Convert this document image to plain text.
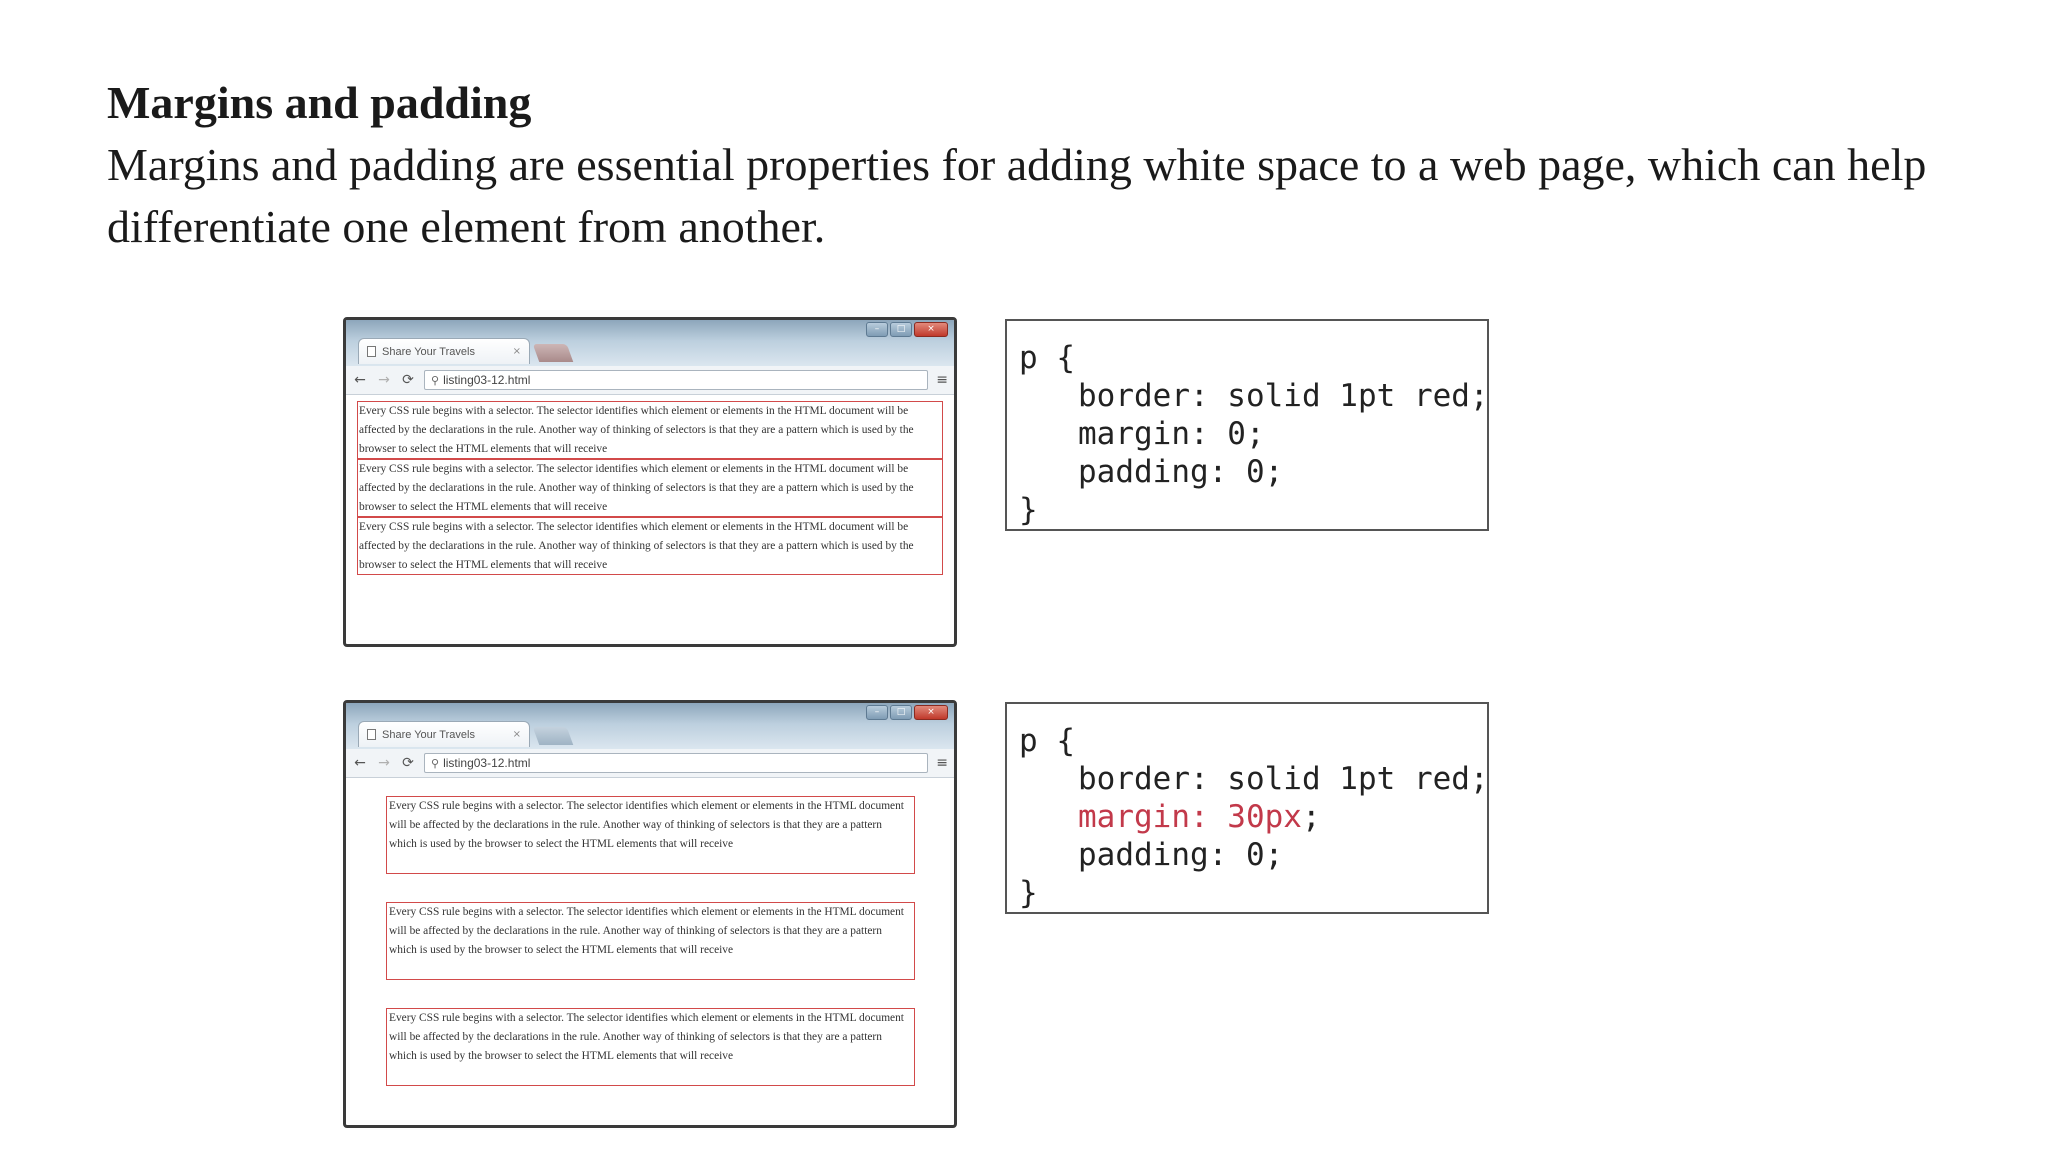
Margins and padding

Margins and padding are essential properties for adding white space to a web page, which can help differentiate one element from another.

–	□	×
Share Your Travels	×
← → ⟳ ⚲ listing03-12.html	≡

Every CSS rule begins with a selector. The selector identifies which element or elements in the HTML document will be affected by the declarations in the rule. Another way of thinking of selectors is that they are a pattern which is used by the browser to select the HTML elements that will receive

Every CSS rule begins with a selector. The selector identifies which element or elements in the HTML document will be affected by the declarations in the rule. Another way of thinking of selectors is that they are a pattern which is used by the browser to select the HTML elements that will receive

Every CSS rule begins with a selector. The selector identifies which element or elements in the HTML document will be affected by the declarations in the rule. Another way of thinking of selectors is that they are a pattern which is used by the browser to select the HTML elements that will receive

p {
border: solid 1pt red;
margin: 0;
padding: 0;
}
–	□	×
Share Your Travels	×
← → ⟳ ⚲ listing03-12.html	≡

Every CSS rule begins with a selector. The selector identifies which element or elements in the HTML document will be affected by the declarations in the rule. Another way of thinking of selectors is that they are a pattern which is used by the browser to select the HTML elements that will receive

Every CSS rule begins with a selector. The selector identifies which element or elements in the HTML document will be affected by the declarations in the rule. Another way of thinking of selectors is that they are a pattern which is used by the browser to select the HTML elements that will receive

Every CSS rule begins with a selector. The selector identifies which element or elements in the HTML document will be affected by the declarations in the rule. Another way of thinking of selectors is that they are a pattern which is used by the browser to select the HTML elements that will receive

p {
border: solid 1pt red;
margin: 30px;
padding: 0;
}
